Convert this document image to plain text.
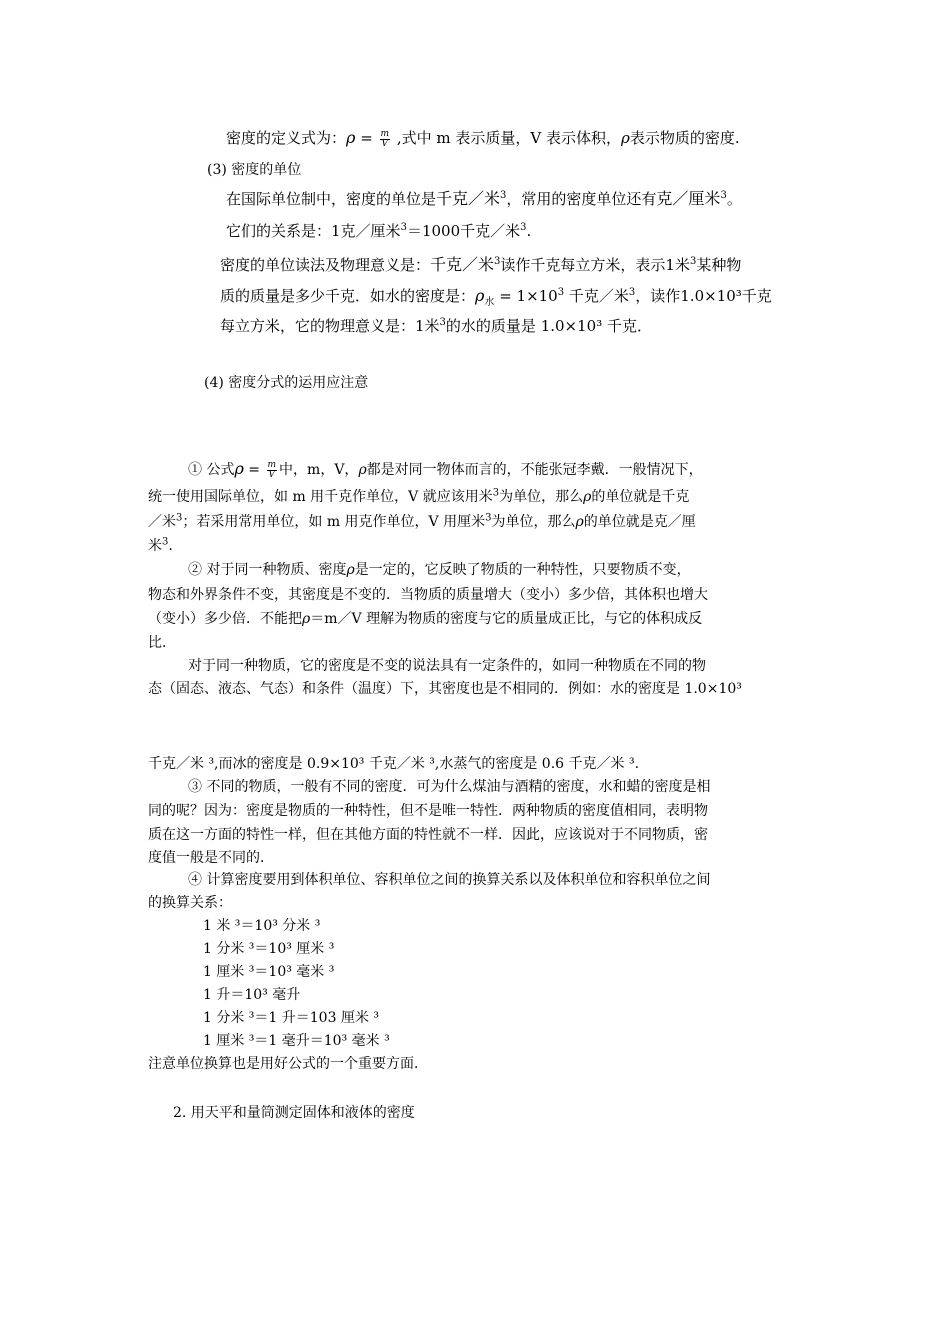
密度的定义式为：$\rho = \frac{m}{V}$ ,式中 m 表示质量，V 表示体积，ρ表示物质的密度.
(3) 密度的单位
在国际单位制中，密度的单位是千克／米$^3$，常用的密度单位还有克／厘米$^3$。
它们的关系是：1克／厘米$^3$＝1000千克／米$^3$.
密度的单位读法及物理意义是：千克／米$^3$读作千克每立方米，表示1米$^3$某种物
质的质量是多少千克．如水的密度是：$\rho_水 = 1\times 10^3$ 千克／米$^3$，读作1.0×10³千克
每立方米，它的物理意义是：1米$^3$的水的质量是 1.0×10³ 千克．
(4) 密度分式的运用应注意
① 公式$\rho = \frac{m}{V}$ 中，m，V，ρ都是对同一物体而言的，不能张冠李戴．一般情况下，
统一使用国际单位，如 m 用千克作单位，V 就应该用米$^3$为单位，那么ρ的单位就是千克
／米$^3$；若采用常用单位，如 m 用克作单位，V 用厘米$^3$为单位，那么ρ的单位就是克／厘
米$^3$.
② 对于同一种物质、密度ρ是一定的，它反映了物质的一种特性，只要物质不变，
物态和外界条件不变，其密度是不变的．当物质的质量增大（变小）多少倍，其体积也增大
（变小）多少倍．不能把ρ＝m／V 理解为物质的密度与它的质量成正比，与它的体积成反
比．
对于同一种物质，它的密度是不变的说法具有一定条件的，如同一种物质在不同的物
态（固态、液态、气态）和条件（温度）下，其密度也是不相同的．例如：水的密度是 1.0×10³
千克／米 ³,而冰的密度是 0.9×10³ 千克／米 ³,水蒸气的密度是 0.6 千克／米 ³.
③ 不同的物质，一般有不同的密度．可为什么煤油与酒精的密度，水和蜡的密度是相
同的呢？因为：密度是物质的一种特性，但不是唯一特性．两种物质的密度值相同，表明物
质在这一方面的特性一样，但在其他方面的特性就不一样．因此，应该说对于不同物质，密
度值一般是不同的．
④ 计算密度要用到体积单位、容积单位之间的换算关系以及体积单位和容积单位之间
的换算关系：
1 米 ³＝10³ 分米 ³
1 分米 ³＝10³ 厘米 ³
1 厘米 ³＝10³ 毫米 ³
1 升＝10³ 毫升
1 分米 ³＝1 升＝103 厘米 ³
1 厘米 ³＝1 毫升＝10³ 毫米 ³
注意单位换算也是用好公式的一个重要方面．
2. 用天平和量筒测定固体和液体的密度
